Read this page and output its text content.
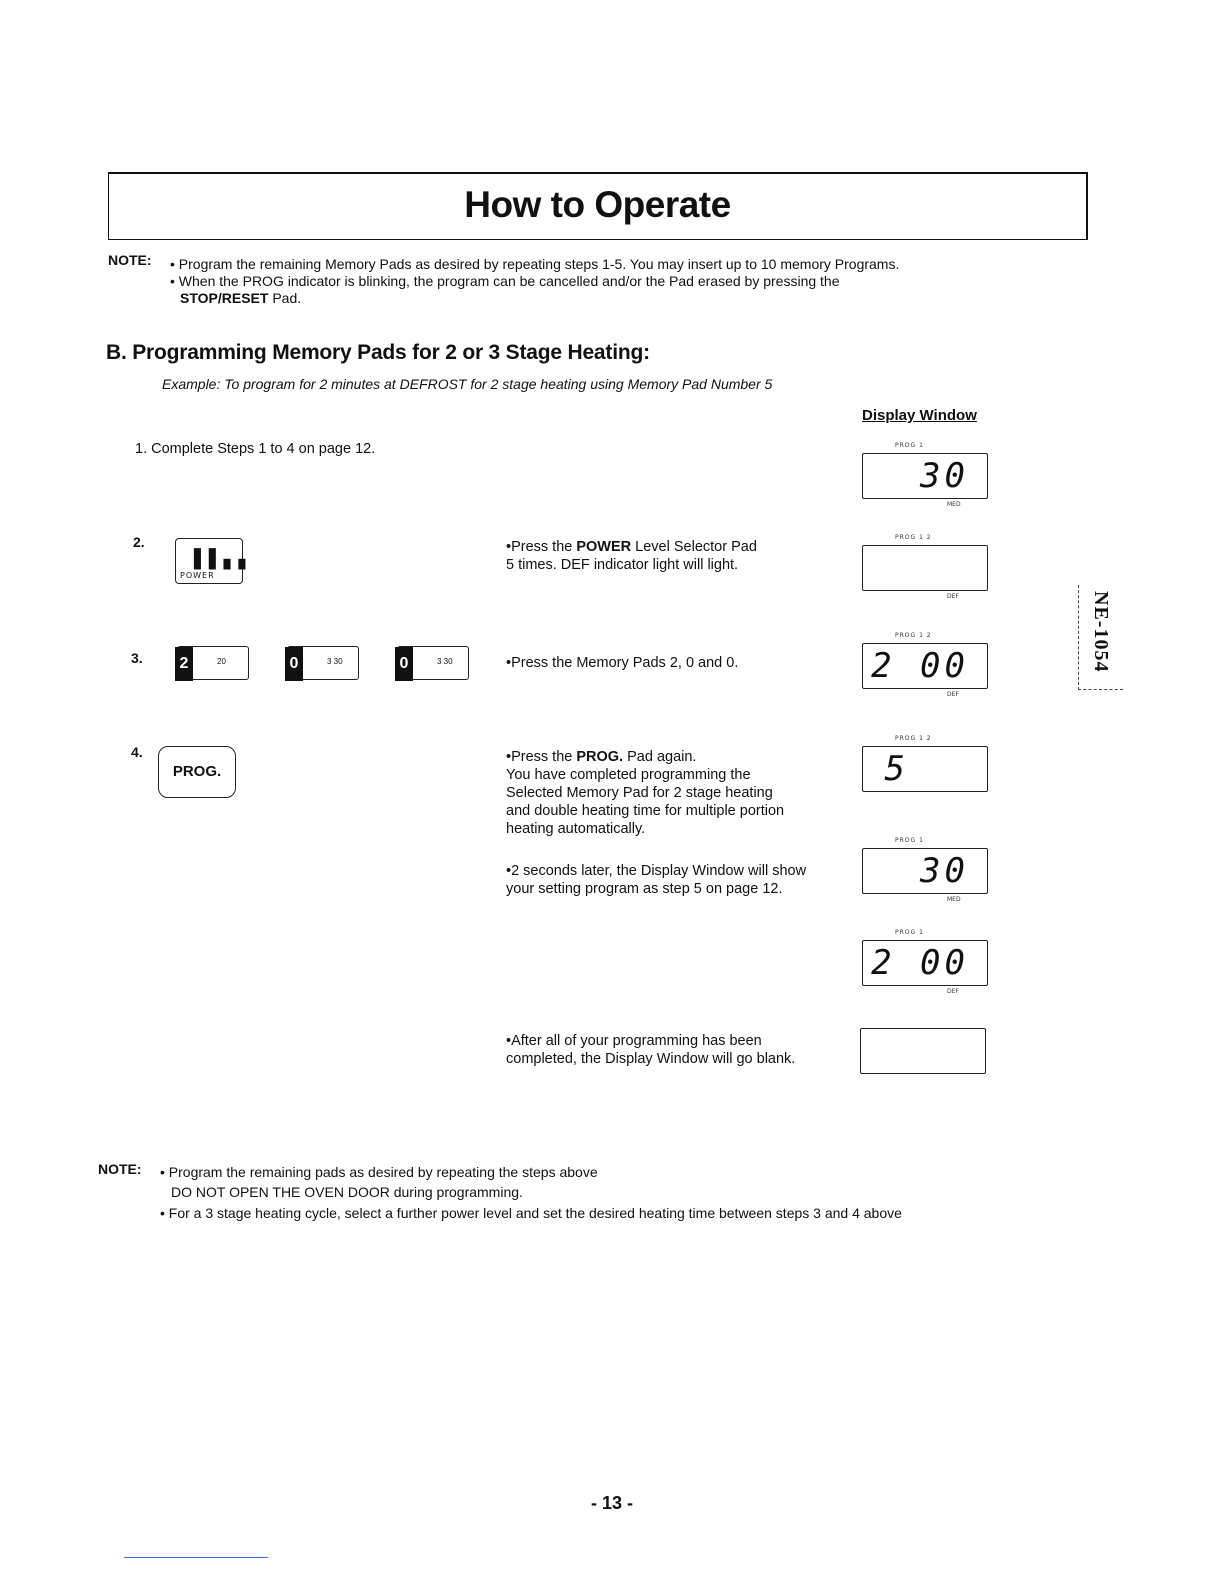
How to Operate
NOTE: • Program the remaining Memory Pads as desired by repeating steps 1-5. You may insert up to 10 memory Programs.
• When the PROG indicator is blinking, the program can be cancelled and/or the Pad erased by pressing the
STOP/RESET Pad.
B. Programming Memory Pads for 2 or 3 Stage Heating:
Example: To program for 2 minutes at DEFROST for 2 stage heating using Memory Pad Number 5
Display Window
1. Complete Steps 1 to 4 on page 12.
2.
▌▌▖▖
POWER
•Press the POWER Level Selector Pad
5 times. DEF indicator light will light.
3. 2	20	0	3 30	0	3 30	•Press the Memory Pads 2, 0 and 0.
4.
PROG.
•Press the PROG. Pad again.
You have completed programming the
Selected Memory Pad for 2 stage heating
and double heating time for multiple portion
heating automatically.
•2 seconds later, the Display Window will show
your setting program as step 5 on page 12.
•After all of your programming has been
completed, the Display Window will go blank.
PROG 1
30
MED
PROG 1 2
DEF
PROG 1 2
2 00
DEF
PROG 1 2
5
PROG 1
30
MED
PROG 1
2 00
DEF
NE-1054
NOTE: • Program the remaining pads as desired by repeating the steps above
DO NOT OPEN THE OVEN DOOR during programming.
• For a 3 stage heating cycle, select a further power level and set the desired heating time between steps 3 and 4 above
- 13 -
